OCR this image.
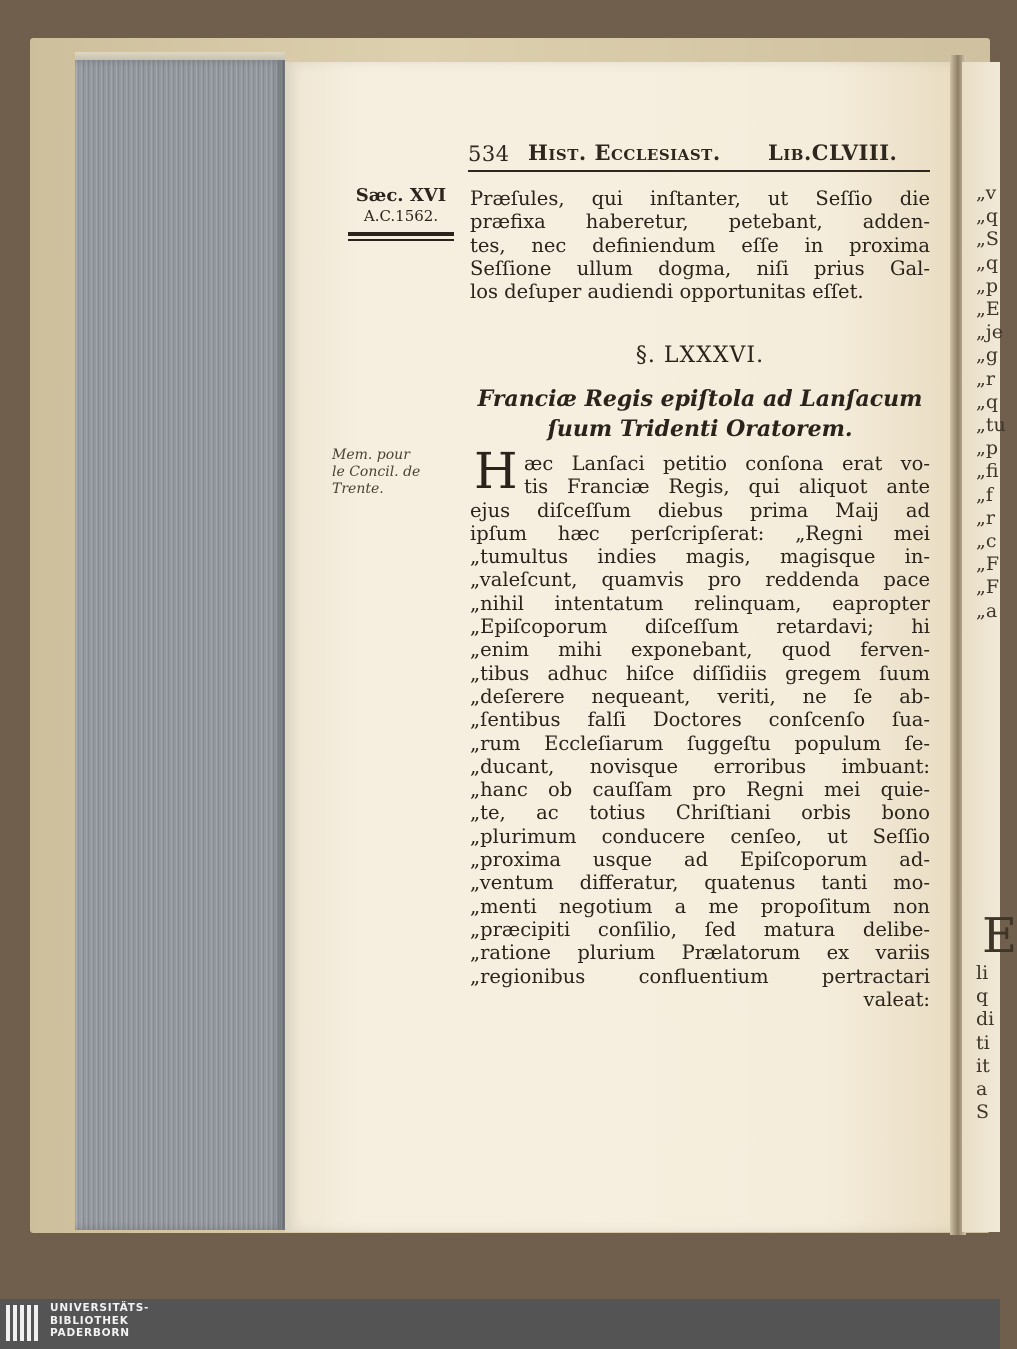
„v
„q
„S
„q
„p
„E
„je
„g
„r
„q
„tu
„p
„fi
„f
„r
„c
„F
„F
„a
E
li
q
di
ti
it
a
S
534 Hist. Ecclesiast. Lib.CLVIII.
Sæc. XVI
A.C.1562.
Mem. pour
le Concil. de
Trente.
Præſules, qui inſtanter, ut Seſſio die
præfixa haberetur, petebant, adden-
tes, nec definiendum eſſe in proxima
Seſſione ullum dogma, niſi prius Gal-
los deſuper audiendi opportunitas eſſet.
§. LXXXVI.
Franciæ Regis epiſtola ad Lanſacum
ſuum Tridenti Oratorem.
H æc Lanſaci petitio conſona erat vo-
tis Franciæ Regis, qui aliquot ante
ejus diſceſſum diebus prima Maij ad
ipſum hæc perſcripſerat: „Regni mei
„tumultus indies magis, magisque in-
„valeſcunt, quamvis pro reddenda pace
„nihil intentatum relinquam, eapropter
„Epiſcoporum diſceſſum retardavi; hi
„enim mihi exponebant, quod ferven-
„tibus adhuc hiſce diſſidiis gregem ſuum
„deſerere nequeant, veriti, ne ſe ab-
„ſentibus falſi Doctores conſcenſo ſua-
„rum Eccleſiarum ſuggeſtu populum ſe-
„ducant, novisque erroribus imbuant:
„hanc ob cauſſam pro Regni mei quie-
„te, ac totius Chriſtiani orbis bono
„plurimum conducere cenſeo, ut Seſſio
„proxima usque ad Epiſcoporum ad-
„ventum differatur, quatenus tanti mo-
„menti negotium a me propoſitum non
„præcipiti conſilio, ſed matura delibe-
„ratione plurium Prælatorum ex variis
„regionibus confluentium pertractari
valeat:
UNIVERSITÄTS-
BIBLIOTHEK
PADERBORN
